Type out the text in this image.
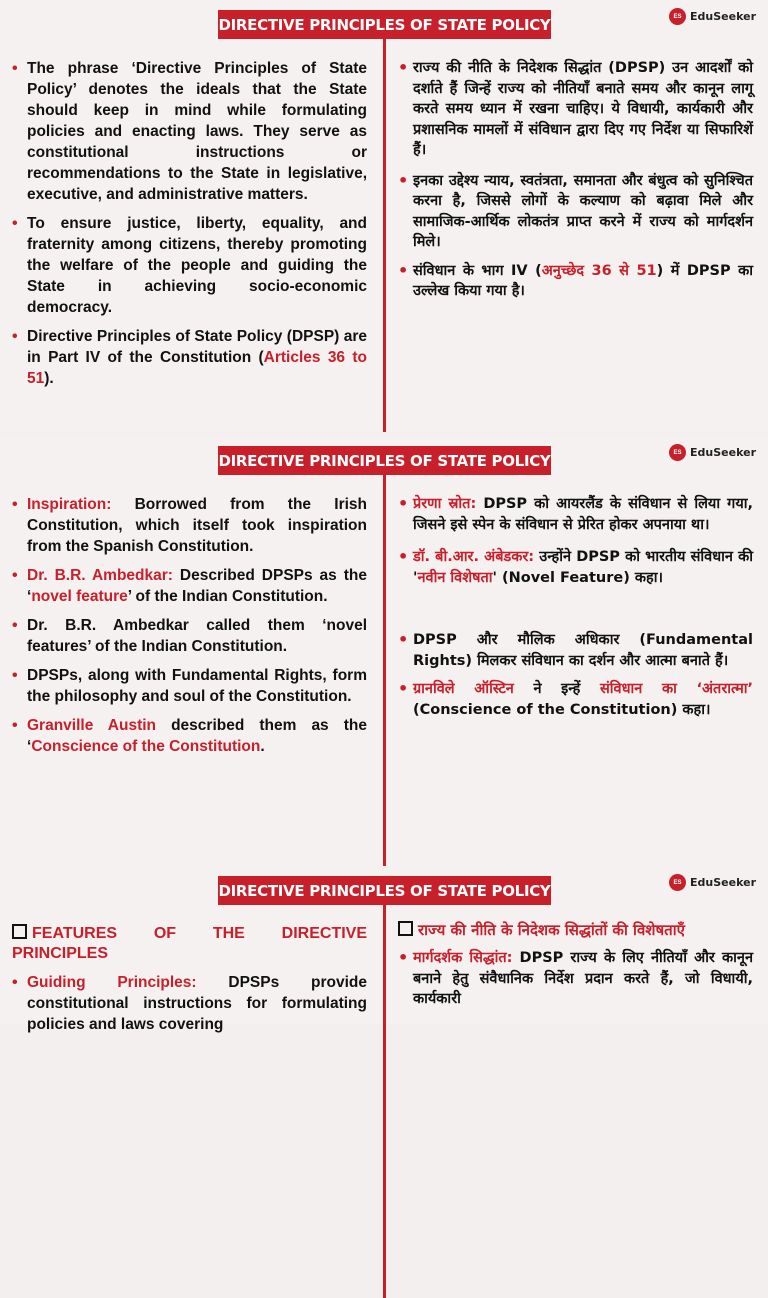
DIRECTIVE PRINCIPLES OF STATE POLICY	ES EduSeeker
• The phrase ‘Directive Principles of State Policy’ denotes the ideals that the State should keep in mind while formulating policies and enacting laws. They serve as constitutional instructions or recommendations to the State in legislative, executive, and administrative matters.
• To ensure justice, liberty, equality, and fraternity among citizens, thereby promoting the welfare of the people and guiding the State in achieving socio-economic democracy.
• Directive Principles of State Policy (DPSP) are in Part IV of the Constitution (Articles 36 to 51).
• राज्य की नीति के निदेशक सिद्धांत (DPSP) उन आदर्शों को दर्शाते हैं जिन्हें राज्य को नीतियाँ बनाते समय और कानून लागू करते समय ध्यान में रखना चाहिए। ये विधायी, कार्यकारी और प्रशासनिक मामलों में संविधान द्वारा दिए गए निर्देश या सिफारिशें हैं।
• इनका उद्देश्य न्याय, स्वतंत्रता, समानता और बंधुत्व को सुनिश्चित करना है, जिससे लोगों के कल्याण को बढ़ावा मिले और सामाजिक-आर्थिक लोकतंत्र प्राप्त करने में राज्य को मार्गदर्शन मिले।
• संविधान के भाग IV (अनुच्छेद 36 से 51) में DPSP का उल्लेख किया गया है।
DIRECTIVE PRINCIPLES OF STATE POLICY	ES EduSeeker
• Inspiration: Borrowed from the Irish Constitution, which itself took inspiration from the Spanish Constitution.
• Dr. B.R. Ambedkar: Described DPSPs as the ‘novel feature’ of the Indian Constitution.
• Dr. B.R. Ambedkar called them ‘novel features’ of the Indian Constitution.
• DPSPs, along with Fundamental Rights, form the philosophy and soul of the Constitution.
• Granville Austin described them as the ‘Conscience of the Constitution.
• प्रेरणा स्रोत: DPSP को आयरलैंड के संविधान से लिया गया, जिसने इसे स्पेन के संविधान से प्रेरित होकर अपनाया था।
• डॉ. बी.आर. अंबेडकर: उन्होंने DPSP को भारतीय संविधान की 'नवीन विशेषता' (Novel Feature) कहा।
• DPSP और मौलिक अधिकार (Fundamental Rights) मिलकर संविधान का दर्शन और आत्मा बनाते हैं।
• ग्रानविले ऑस्टिन ने इन्हें संविधान का ‘अंतरात्मा’ (Conscience of the Constitution) कहा।
DIRECTIVE PRINCIPLES OF STATE POLICY	ES EduSeeker
FEATURES OF THE DIRECTIVE PRINCIPLES
• Guiding Principles: DPSPs provide constitutional instructions for formulating policies and laws covering
राज्य की नीति के निदेशक सिद्धांतों की विशेषताएँ
• मार्गदर्शक सिद्धांत: DPSP राज्य के लिए नीतियाँ और कानून बनाने हेतु संवैधानिक निर्देश प्रदान करते हैं, जो विधायी, कार्यकारी
